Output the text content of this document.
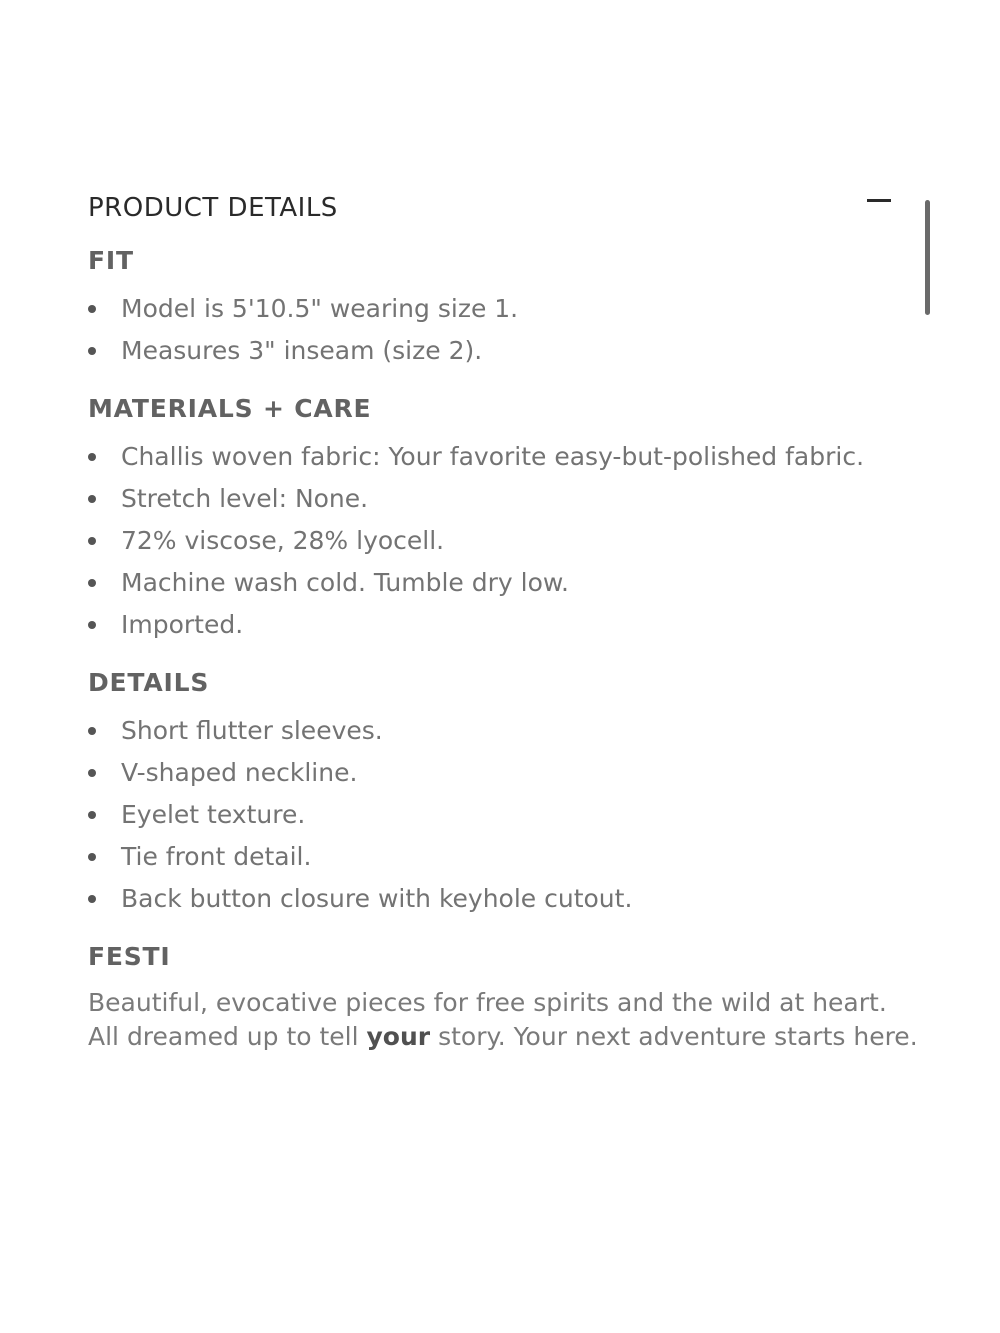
PRODUCT DETAILS
FIT
Model is 5'10.5" wearing size 1.
Measures 3" inseam (size 2).
MATERIALS + CARE
Challis woven fabric: Your favorite easy-but-polished fabric.
Stretch level: None.
72% viscose, 28% lyocell.
Machine wash cold. Tumble dry low.
Imported.
DETAILS
Short flutter sleeves.
V-shaped neckline.
Eyelet texture.
Tie front detail.
Back button closure with keyhole cutout.
FESTI

Beautiful, evocative pieces for free spirits and the wild at heart. All dreamed up to tell your story. Your next adventure starts here.
